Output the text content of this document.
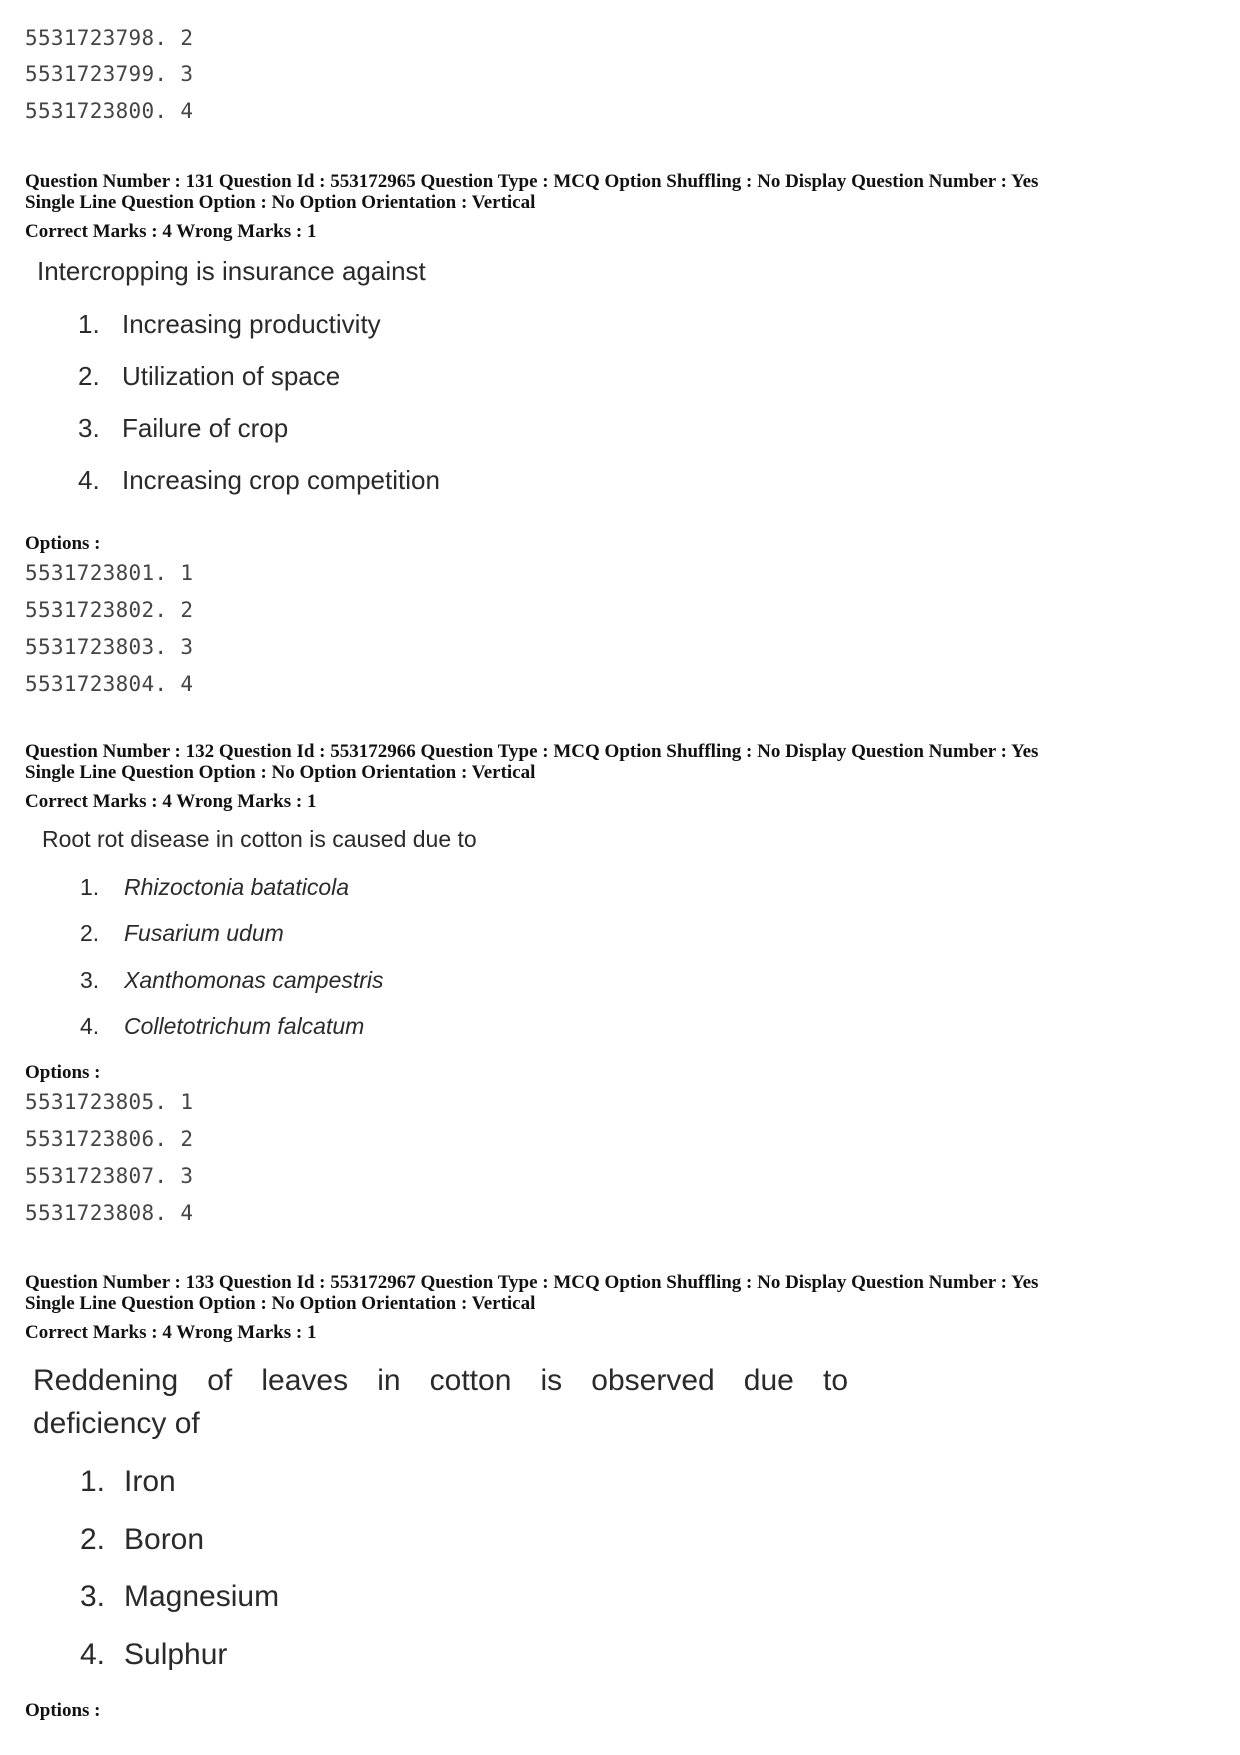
5531723798. 2
5531723799. 3
5531723800. 4
Question Number : 131 Question Id : 553172965 Question Type : MCQ Option Shuffling : No Display Question Number : Yes
Single Line Question Option : No Option Orientation : Vertical
Correct Marks : 4 Wrong Marks : 1
Intercropping is insurance against
1. Increasing productivity
2. Utilization of space
3. Failure of crop
4. Increasing crop competition
Options :
5531723801. 1
5531723802. 2
5531723803. 3
5531723804. 4
Question Number : 132 Question Id : 553172966 Question Type : MCQ Option Shuffling : No Display Question Number : Yes
Single Line Question Option : No Option Orientation : Vertical
Correct Marks : 4 Wrong Marks : 1
Root rot disease in cotton is caused due to
1. Rhizoctonia bataticola
2. Fusarium udum
3. Xanthomonas campestris
4. Colletotrichum falcatum
Options :
5531723805. 1
5531723806. 2
5531723807. 3
5531723808. 4
Question Number : 133 Question Id : 553172967 Question Type : MCQ Option Shuffling : No Display Question Number : Yes
Single Line Question Option : No Option Orientation : Vertical
Correct Marks : 4 Wrong Marks : 1
Reddening of leaves in cotton is observed due to
deficiency of
1. Iron
2. Boron
3. Magnesium
4. Sulphur
Options :
